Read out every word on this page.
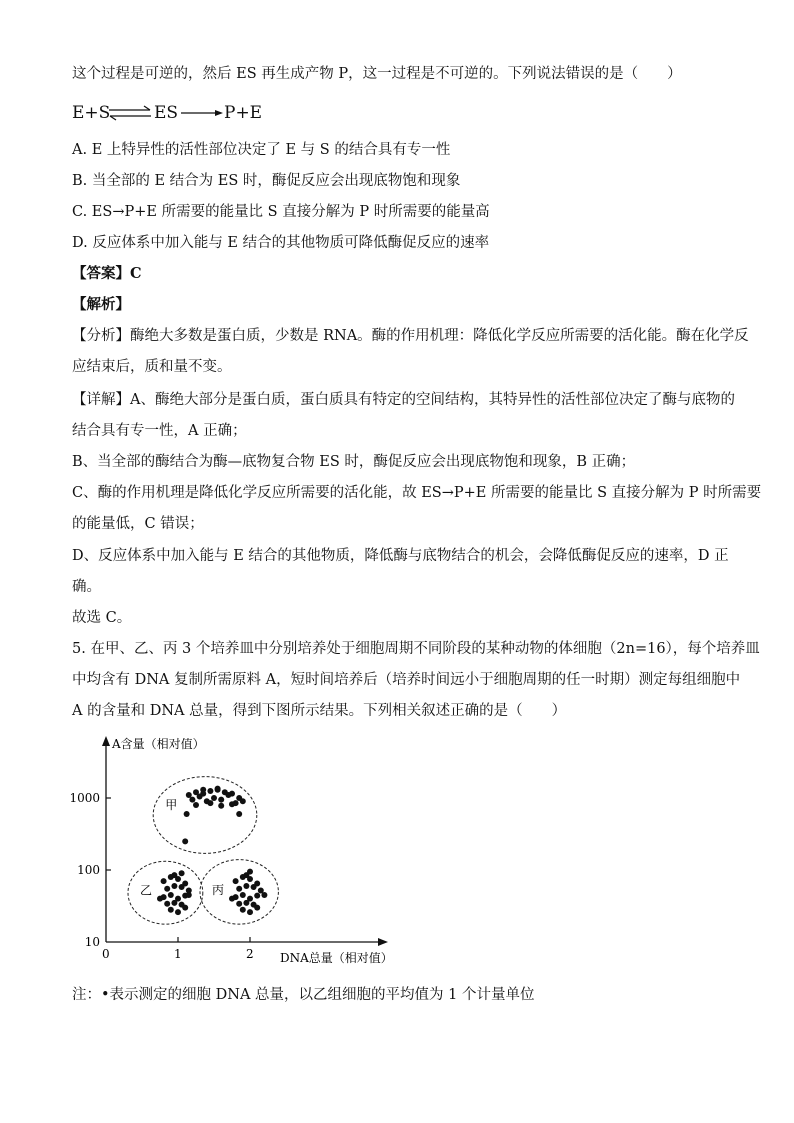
这个过程是可逆的，然后 ES 再生成产物 P，这一过程是不可逆的。下列说法错误的是（　　）
E+S ⇌ ES	P+E
A. E 上特异性的活性部位决定了 E 与 S 的结合具有专一性
B. 当全部的 E 结合为 ES 时，酶促反应会出现底物饱和现象
C. ES→P+E 所需要的能量比 S 直接分解为 P 时所需要的能量高
D. 反应体系中加入能与 E 结合的其他物质可降低酶促反应的速率
【答案】C
【解析】
【分析】酶绝大多数是蛋白质，少数是 RNA。酶的作用机理：降低化学反应所需要的活化能。酶在化学反
应结束后，质和量不变。
【详解】A、酶绝大部分是蛋白质，蛋白质具有特定的空间结构，其特异性的活性部位决定了酶与底物的
结合具有专一性，A 正确；
B、当全部的酶结合为酶—底物复合物 ES 时，酶促反应会出现底物饱和现象，B 正确；
C、酶的作用机理是降低化学反应所需要的活化能，故 ES→P+E 所需要的能量比 S 直接分解为 P 时所需要
的能量低，C 错误；
D、反应体系中加入能与 E 结合的其他物质，降低酶与底物结合的机会，会降低酶促反应的速率，D 正
确。
故选 C。
5. 在甲、乙、丙 3 个培养皿中分别培养处于细胞周期不同阶段的某种动物的体细胞（2n=16），每个培养皿
中均含有 DNA 复制所需原料 A，短时间培养后（培养时间远小于细胞周期的任一时期）测定每组细胞中
A 的含量和 DNA 总量，得到下图所示结果。下列相关叙述正确的是（　　）
A含量（相对值）
DNA总量（相对值）
0	1	2
10
100
1000	甲
乙	丙
注：•表示测定的细胞 DNA 总量，以乙组细胞的平均值为 1 个计量单位
